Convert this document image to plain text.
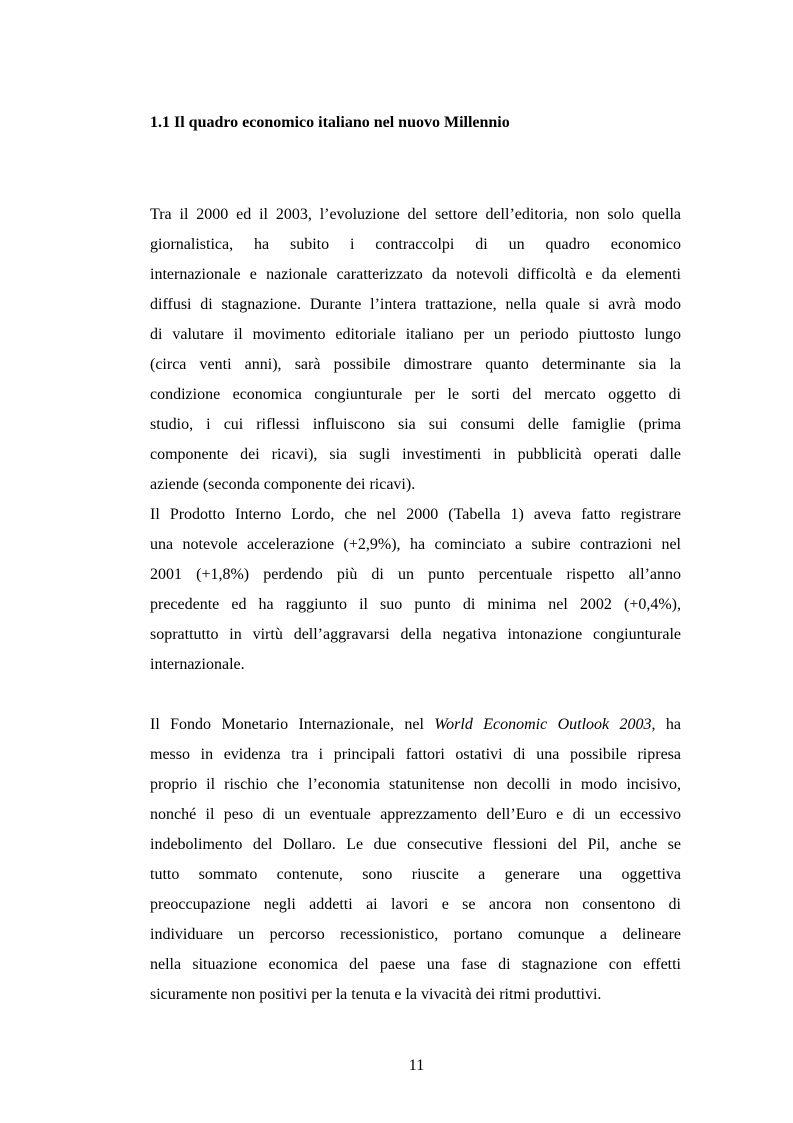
1.1 Il quadro economico italiano nel nuovo Millennio

Tra il 2000 ed il 2003, l’evoluzione del settore dell’editoria, non solo quella
giornalistica, ha subito i contraccolpi di un quadro economico
internazionale e nazionale caratterizzato da notevoli difficoltà e da elementi
diffusi di stagnazione. Durante l’intera trattazione, nella quale si avrà modo
di valutare il movimento editoriale italiano per un periodo piuttosto lungo
(circa venti anni), sarà possibile dimostrare quanto determinante sia la
condizione economica congiunturale per le sorti del mercato oggetto di
studio, i cui riflessi influiscono sia sui consumi delle famiglie (prima
componente dei ricavi), sia sugli investimenti in pubblicità operati dalle
aziende (seconda componente dei ricavi).

Il Prodotto Interno Lordo, che nel 2000 (Tabella 1) aveva fatto registrare
una notevole accelerazione (+2,9%), ha cominciato a subire contrazioni nel
2001 (+1,8%) perdendo più di un punto percentuale rispetto all’anno
precedente ed ha raggiunto il suo punto di minima nel 2002 (+0,4%),
soprattutto in virtù dell’aggravarsi della negativa intonazione congiunturale
internazionale.

Il Fondo Monetario Internazionale, nel World Economic Outlook 2003, ha
messo in evidenza tra i principali fattori ostativi di una possibile ripresa
proprio il rischio che l’economia statunitense non decolli in modo incisivo,
nonché il peso di un eventuale apprezzamento dell’Euro e di un eccessivo
indebolimento del Dollaro. Le due consecutive flessioni del Pil, anche se
tutto sommato contenute, sono riuscite a generare una oggettiva
preoccupazione negli addetti ai lavori e se ancora non consentono di
individuare un percorso recessionistico, portano comunque a delineare
nella situazione economica del paese una fase di stagnazione con effetti
sicuramente non positivi per la tenuta e la vivacità dei ritmi produttivi.

11
